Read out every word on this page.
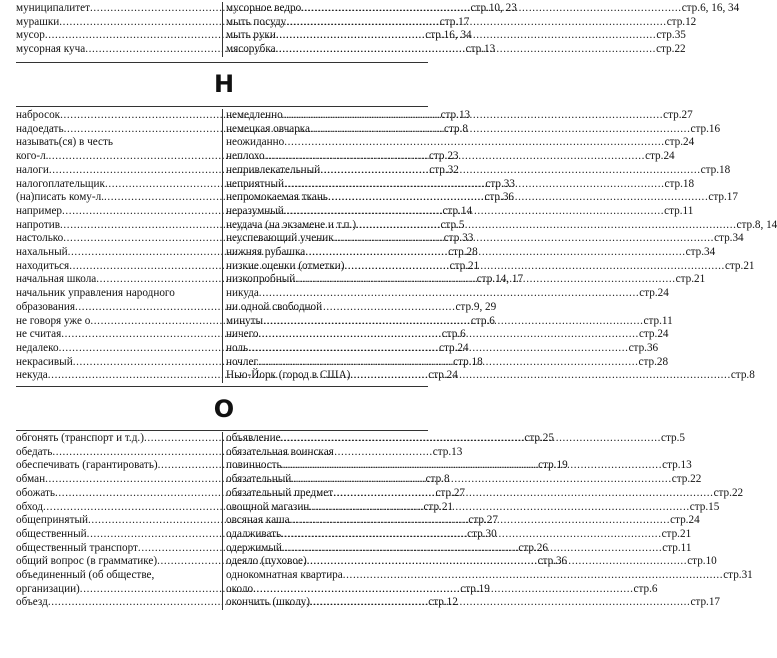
муниципалитет .....	стр.10, 23
мурашки .....	стр.17
мусор .....	стр.16, 34
мусорная куча .....	стр.13
мусорное ведро .....	стр.6, 16, 34
мыть посуду .....	стр.12
мыть руки .....	стр.35
мясорубка .....	стр.22
Н
набросок .....	стр.13
надоедать .....	стр.8
называть(ся) в честь
кого-л. .....	стр.23
налоги .....	стр.32
налогоплательщик .....	стр.33
(на)писать кому-л. .....	стр.36
например .....	стр.14
напротив .....	стр.5
настолько .....	стр.33
нахальный .....	стр.28
находиться .....	стр.21
начальная школа .....	стр.14, 17
начальник управления народного
образования .....	стр.9, 29
не говоря уже о .....	стр.6
не считая .....	стр.6
недалеко .....	стр.24
некрасивый .....	стр.18
некуда .....	стр.24
немедленно .....	стр.27
немецкая овчарка .....	стр.16
неожиданно .....	стр.24
неплохо .....	стр.24
непривлекательный .....	стр.18
неприятный .....	стр.18
непромокаемая ткань .....	стр.17
неразумный .....	стр.11
неудача (на экзамене и т.п.) .....	стр.8, 14
неуспевающий ученик .....	стр.34
нижняя рубашка .....	стр.34
низкие оценки (отметки) .....	стр.21
низкопробный .....	стр.21
никуда .....	стр.24
ни одной свободной
минуты .....	стр.11
ничего .....	стр.24
ноль .....	стр.36
ночлег .....	стр.28
Нью-Йорк (город в США) .....	стр.8
О
обгонять (транспорт и т.д.) .....	стр.25
обедать .....	стр.13
обеспечивать (гарантировать) .....	стр.19
обман .....	стр.8
обожать .....	стр.27
обход .....	стр.21
общепринятый .....	стр.27
общественный .....	стр.30
общественный транспорт .....	стр.26
общий вопрос (в грамматике) .....	стр.36
объединенный (об обществе,
организации) .....	стр.19
объезд .....	стр.12
объявление .....	стр.5
обязательная воинская
повинность .....	стр.13
обязательный .....	стр.22
обязательный предмет .....	стр.22
овощной магазин .....	стр.15
овсяная каша .....	стр.24
одалживать .....	стр.21
одержимый .....	стр.11
одеяло (пуховое) .....	стр.10
однокомнатная квартира .....	стр.31
около .....	стр.6
окончить (школу) .....	стр.17
